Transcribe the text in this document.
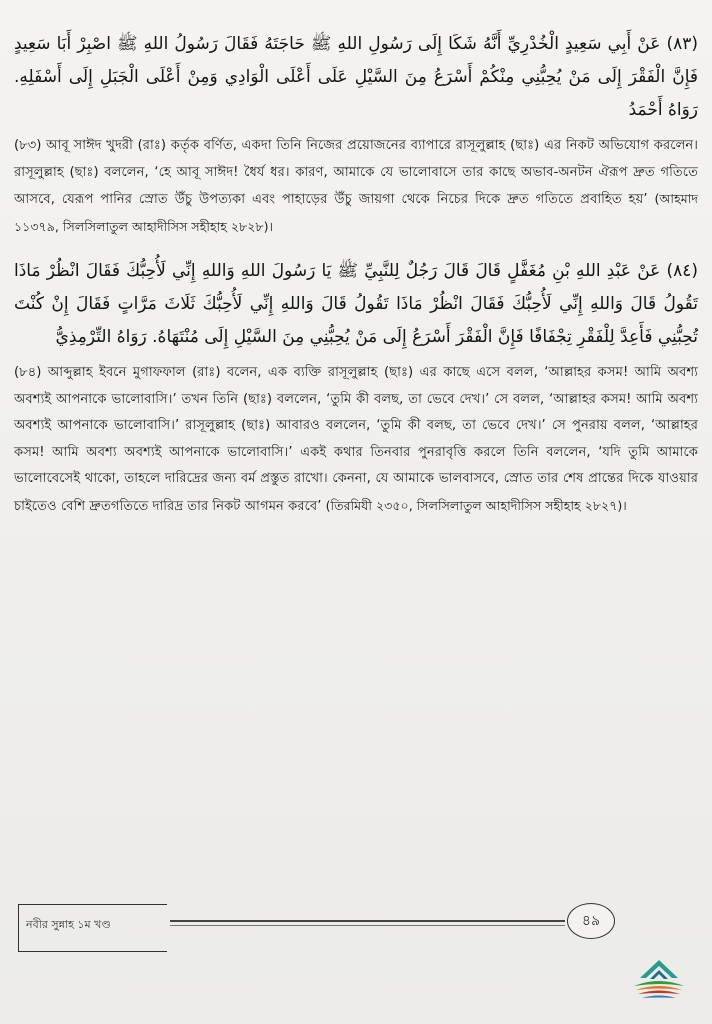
(٨٣) عَنْ أَبِي سَعِيدٍ الْخُدْرِيِّ أَنَّهُ شَكَا إِلَى رَسُولِ اللهِ ﷺ حَاجَتَهُ فَقَالَ رَسُولُ اللهِ ﷺ اصْبِرْ أَبَا سَعِيدٍ فَإِنَّ الْفَقْرَ إِلَى مَنْ يُحِبُّنِي مِنْكُمْ أَسْرَعُ مِنَ السَّيْلِ عَلَى أَعْلَى الْوَادِي وَمِنْ أَعْلَى الْجَبَلِ إِلَى أَسْفَلِهِ. رَوَاهُ أَحْمَدُ

(৮৩) আবূ সাঈদ খুদরী (রাঃ) কর্তৃক বর্ণিত, একদা তিনি নিজের প্রয়োজনের ব্যাপারে রাসূলুল্লাহ (ছাঃ) এর নিকট অভিযোগ করলেন। রাসূলুল্লাহ (ছাঃ) বললেন, ‘হে আবূ সাঈদ! ধৈর্য ধর। কারণ, আমাকে যে ভালোবাসে তার কাছে অভাব-অনটন ঐরূপ দ্রুত গতিতে আসবে, যেরূপ পানির স্রোত উঁচু উপত্যকা এবং পাহাড়ের উঁচু জায়গা থেকে নিচের দিকে দ্রুত গতিতে প্রবাহিত হয়’ (আহমাদ ১১৩৭৯, সিলসিলাতুল আহাদীসিস সহীহাহ ২৮২৮)।

(٨٤) عَنْ عَبْدِ اللهِ بْنِ مُغَفَّلٍ قَالَ قَالَ رَجُلٌ لِلنَّبِيِّ ﷺ يَا رَسُولَ اللهِ وَاللهِ إِنِّي لَأُحِبُّكَ فَقَالَ انْظُرْ مَاذَا تَقُولُ قَالَ وَاللهِ إِنِّي لَأُحِبُّكَ فَقَالَ انْظُرْ مَاذَا تَقُولُ قَالَ وَاللهِ إِنِّي لَأُحِبُّكَ ثَلَاثَ مَرَّاتٍ فَقَالَ إِنْ كُنْتَ تُحِبُّنِي فَأَعِدَّ لِلْفَقْرِ تِجْفَافًا فَإِنَّ الْفَقْرَ أَسْرَعُ إِلَى مَنْ يُحِبُّنِي مِنَ السَّيْلِ إِلَى مُنْتَهَاهُ. رَوَاهُ التِّرْمِذِيُّ

(৮৪) আব্দুল্লাহ ইবনে মুগাফফাল (রাঃ) বলেন, এক ব্যক্তি রাসূলুল্লাহ (ছাঃ) এর কাছে এসে বলল, ‘আল্লাহর কসম! আমি অবশ্য অবশ্যই আপনাকে ভালোবাসি।’ তখন তিনি (ছাঃ) বললেন, ‘তুমি কী বলছ, তা ভেবে দেখ।’ সে বলল, ‘আল্লাহর কসম! আমি অবশ্য অবশ্যই আপনাকে ভালোবাসি।’ রাসূলুল্লাহ (ছাঃ) আবারও বললেন, ‘তুমি কী বলছ, তা ভেবে দেখ।’ সে পুনরায় বলল, ‘আল্লাহর কসম! আমি অবশ্য অবশ্যই আপনাকে ভালোবাসি।’ একই কথার তিনবার পুনরাবৃত্তি করলে তিনি বললেন, ‘যদি তুমি আমাকে ভালোবেসেই থাকো, তাহলে দারিদ্রের জন্য বর্ম প্রস্তুত রাখো। কেননা, যে আমাকে ভালবাসবে, স্রোত তার শেষ প্রান্তের দিকে যাওয়ার চাইতেও বেশি দ্রুতগতিতে দারিদ্র তার নিকট আগমন করবে’ (তিরমিযী ২৩৫০, সিলসিলাতুল আহাদীসিস সহীহাহ ২৮২৭)।

নবীর সুন্নাহ ১ম খণ্ড	৪৯
